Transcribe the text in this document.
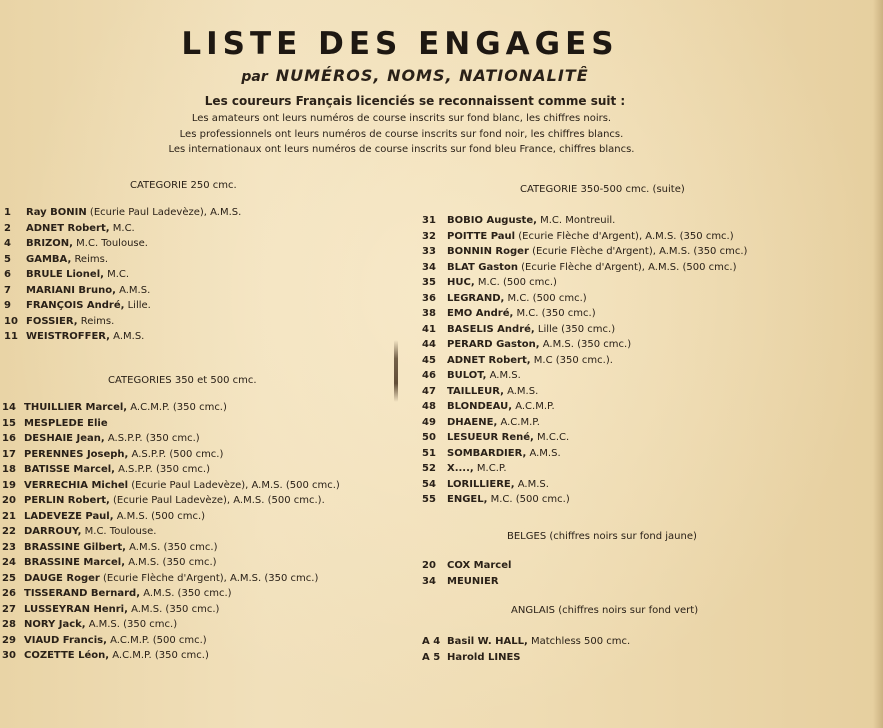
LISTE DES ENGAGES
par NUMÉROS, NOMS, NATIONALITÊ
Les coureurs Français licenciés se reconnaissent comme suit :
Les amateurs ont leurs numéros de course inscrits sur fond blanc, les chiffres noirs.
Les professionnels ont leurs numéros de course inscrits sur fond noir, les chiffres blancs.
Les internationaux ont leurs numéros de course inscrits sur fond bleu France, chiffres blancs.
CATEGORIE 250 cmc.
1 Ray BONIN (Ecurie Paul Ladevèze), A.M.S.
2 ADNET Robert, M.C.
4 BRIZON, M.C. Toulouse.
5 GAMBA, Reims.
6 BRULE Lionel, M.C.
7 MARIANI Bruno, A.M.S.
9 FRANÇOIS André, Lille.
10 FOSSIER, Reims.
11 WEISTROFFER, A.M.S.
CATEGORIES 350 et 500 cmc.
14 THUILLIER Marcel, A.C.M.P. (350 cmc.)
15 MESPLEDE Elie
16 DESHAIE Jean, A.S.P.P. (350 cmc.)
17 PERENNES Joseph, A.S.P.P. (500 cmc.)
18 BATISSE Marcel, A.S.P.P. (350 cmc.)
19 VERRECHIA Michel (Ecurie Paul Ladevèze), A.M.S. (500 cmc.)
20 PERLIN Robert, (Ecurie Paul Ladevèze), A.M.S. (500 cmc.).
21 LADEVEZE Paul, A.M.S. (500 cmc.)
22 DARROUY, M.C. Toulouse.
23 BRASSINE Gilbert, A.M.S. (350 cmc.)
24 BRASSINE Marcel, A.M.S. (350 cmc.)
25 DAUGE Roger (Ecurie Flèche d'Argent), A.M.S. (350 cmc.)
26 TISSERAND Bernard, A.M.S. (350 cmc.)
27 LUSSEYRAN Henri, A.M.S. (350 cmc.)
28 NORY Jack, A.M.S. (350 cmc.)
29 VIAUD Francis, A.C.M.P. (500 cmc.)
30 COZETTE Léon, A.C.M.P. (350 cmc.)
CATEGORIE 350-500 cmc. (suite)
31 BOBIO Auguste, M.C. Montreuil.
32 POITTE Paul (Ecurie Flèche d'Argent), A.M.S. (350 cmc.)
33 BONNIN Roger (Ecurie Flèche d'Argent), A.M.S. (350 cmc.)
34 BLAT Gaston (Ecurie Flèche d'Argent), A.M.S. (500 cmc.)
35 HUC, M.C. (500 cmc.)
36 LEGRAND, M.C. (500 cmc.)
38 EMO André, M.C. (350 cmc.)
41 BASELIS André, Lille (350 cmc.)
44 PERARD Gaston, A.M.S. (350 cmc.)
45 ADNET Robert, M.C (350 cmc.).
46 BULOT, A.M.S.
47 TAILLEUR, A.M.S.
48 BLONDEAU, A.C.M.P.
49 DHAENE, A.C.M.P.
50 LESUEUR René, M.C.C.
51 SOMBARDIER, A.M.S.
52 X...., M.C.P.
54 LORILLIERE, A.M.S.
55 ENGEL, M.C. (500 cmc.)
BELGES (chiffres noirs sur fond jaune)
20 COX Marcel
34 MEUNIER
ANGLAIS (chiffres noirs sur fond vert)
A 4 Basil W. HALL, Matchless 500 cmc.
A 5 Harold LINES
